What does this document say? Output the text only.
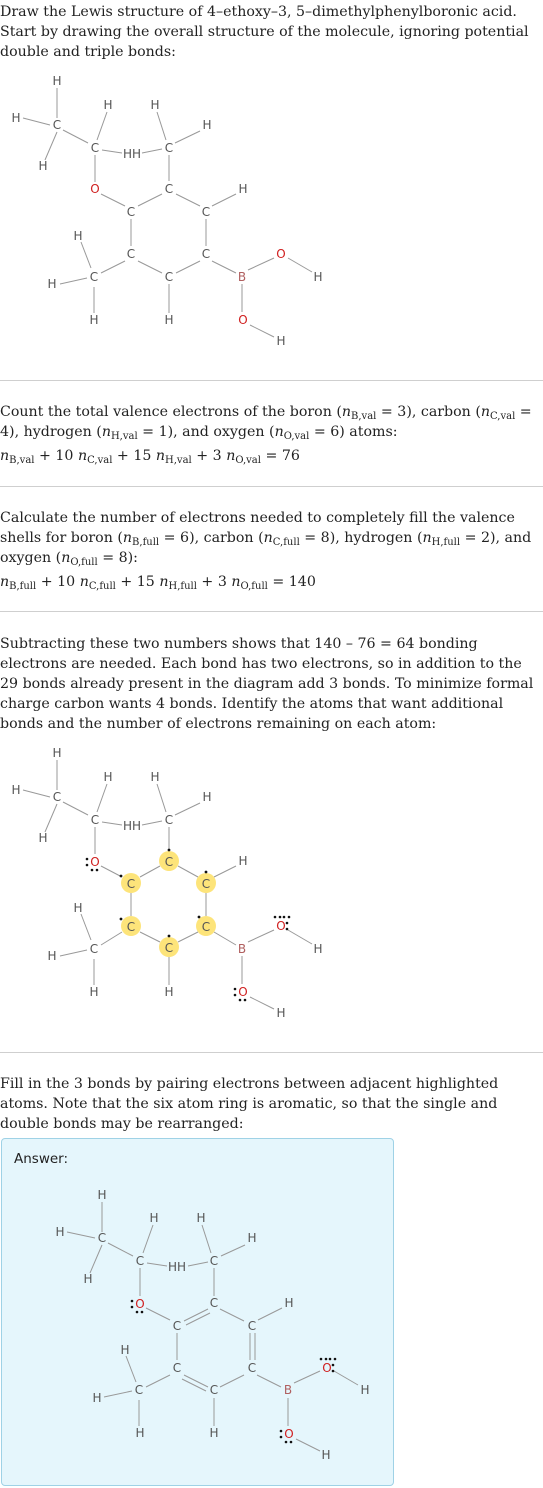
Draw the Lewis structure of 4–ethoxy–3, 5–dimethylphenylboronic acid. Start by drawing the overall structure of the molecule, ignoring potential double and triple bonds:
H
H	C
H
H
C HH
H
C
H
O	C	H
C	C
H
C	C	O
C	C	B	H
H
H	H	O
H
Count the total valence electrons of the boron $(n_{B,val} = 3)$, carbon $(n_{C,val} = 4)$, hydrogen $(n_{H,val} = 1)$, and oxygen $(n_{O,val} = 6)$ atoms:
$n_{B,val} + 10$ $n_{C,val} + 15$ $n_{H,val} + 3$ $n_{O,val} = 76$
Calculate the number of electrons needed to completely fill the valence shells for boron $(n_{B,full} = 6)$, carbon $(n_{C,full} = 8)$, hydrogen $(n_{H,full} = 2)$, and oxygen $(n_{O,full} = 8)$:
$n_{B,full} + 10$ $n_{C,full} + 15$ $n_{H,full} + 3$ $n_{O,full} = 140$
Subtracting these two numbers shows that 140 – 76 = 64 bonding electrons are needed. Each bond has two electrons, so in addition to the 29 bonds already present in the diagram add 3 bonds. To minimize formal charge carbon wants 4 bonds. Identify the atoms that want additional bonds and the number of electrons remaining on each atom:
H
H	C
H
H
C HH
H
C
H
O	C	H
C	C
H
C	C	O
C	C	B	H
H
H	H	O
H
Fill in the 3 bonds by pairing electrons between adjacent highlighted atoms. Note that the six atom ring is aromatic, so that the single and double bonds may be rearranged:
Answer:
H
H	C
H
H
C HH
H
C
H
O	C	H
C	C
H
C	C	O
C	C	B	H
H
H	H	O
H
